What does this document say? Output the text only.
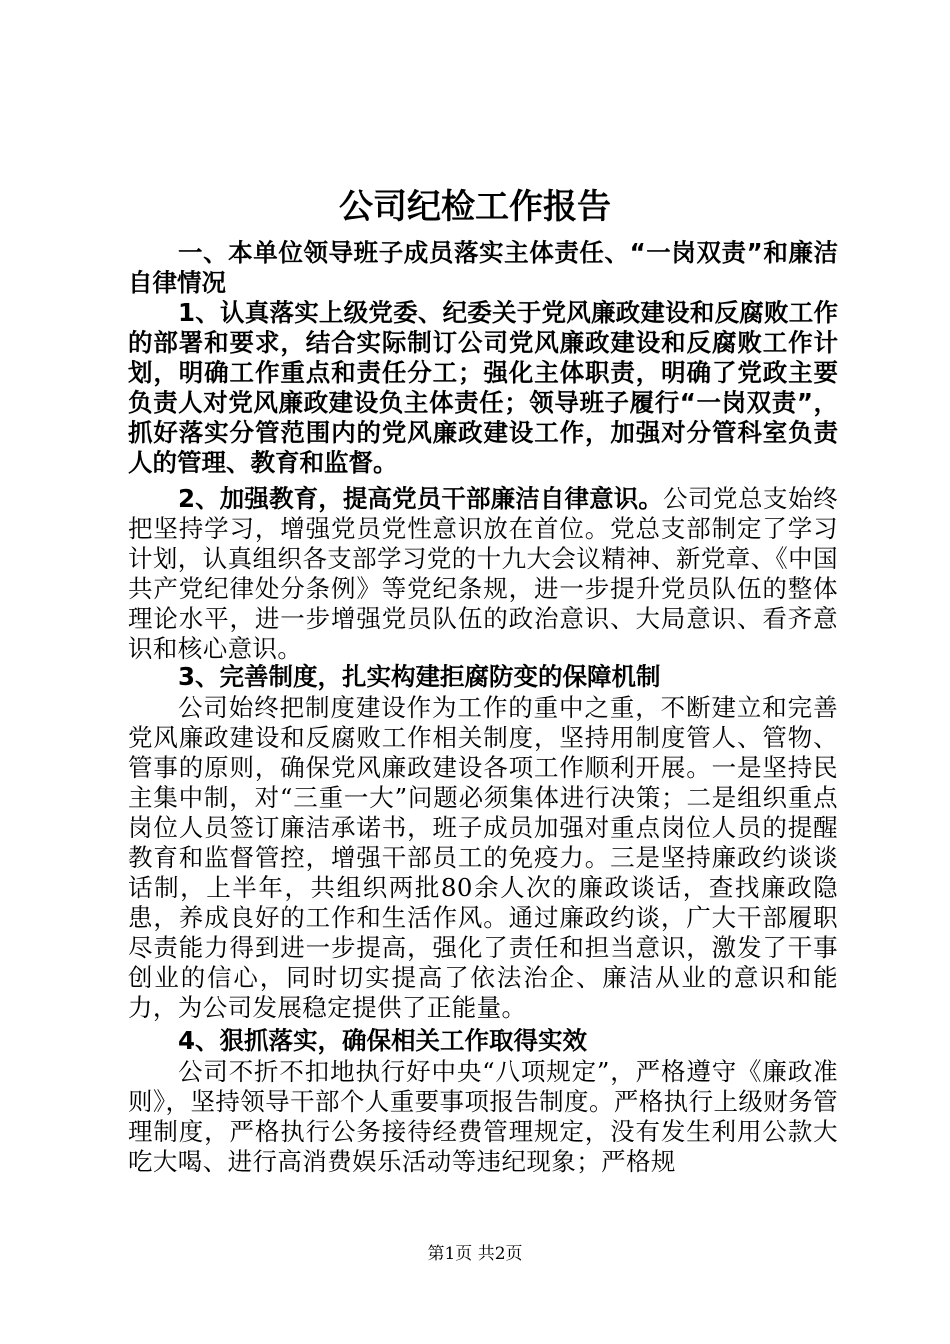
公司纪检工作报告

一、本单位领导班子成员落实主体责任、“一岗双责”和廉洁自律情况

1、认真落实上级党委、纪委关于党风廉政建设和反腐败工作的部署和要求，结合实际制订公司党风廉政建设和反腐败工作计划，明确工作重点和责任分工；强化主体职责，明确了党政主要负责人对党风廉政建设负主体责任；领导班子履行“一岗双责”，抓好落实分管范围内的党风廉政建设工作，加强对分管科室负责人的管理、教育和监督。

2、加强教育，提高党员干部廉洁自律意识。公司党总支始终把坚持学习，增强党员党性意识放在首位。党总支部制定了学习计划，认真组织各支部学习党的十九大会议精神、新党章、《中国共产党纪律处分条例》等党纪条规，进一步提升党员队伍的整体理论水平，进一步增强党员队伍的政治意识、大局意识、看齐意识和核心意识。

3、完善制度，扎实构建拒腐防变的保障机制

公司始终把制度建设作为工作的重中之重，不断建立和完善党风廉政建设和反腐败工作相关制度，坚持用制度管人、管物、管事的原则，确保党风廉政建设各项工作顺利开展。一是坚持民主集中制，对“三重一大”问题必须集体进行决策；二是组织重点岗位人员签订廉洁承诺书，班子成员加强对重点岗位人员的提醒教育和监督管控，增强干部员工的免疫力。三是坚持廉政约谈谈话制，上半年，共组织两批80余人次的廉政谈话，查找廉政隐患，养成良好的工作和生活作风。通过廉政约谈，广大干部履职尽责能力得到进一步提高，强化了责任和担当意识，激发了干事创业的信心，同时切实提高了依法治企、廉洁从业的意识和能力，为公司发展稳定提供了正能量。

4、狠抓落实，确保相关工作取得实效

公司不折不扣地执行好中央“八项规定”，严格遵守《廉政准则》，坚持领导干部个人重要事项报告制度。严格执行上级财务管理制度，严格执行公务接待经费管理规定，没有发生利用公款大吃大喝、进行高消费娱乐活动等违纪现象；严格规

第1页 共2页
